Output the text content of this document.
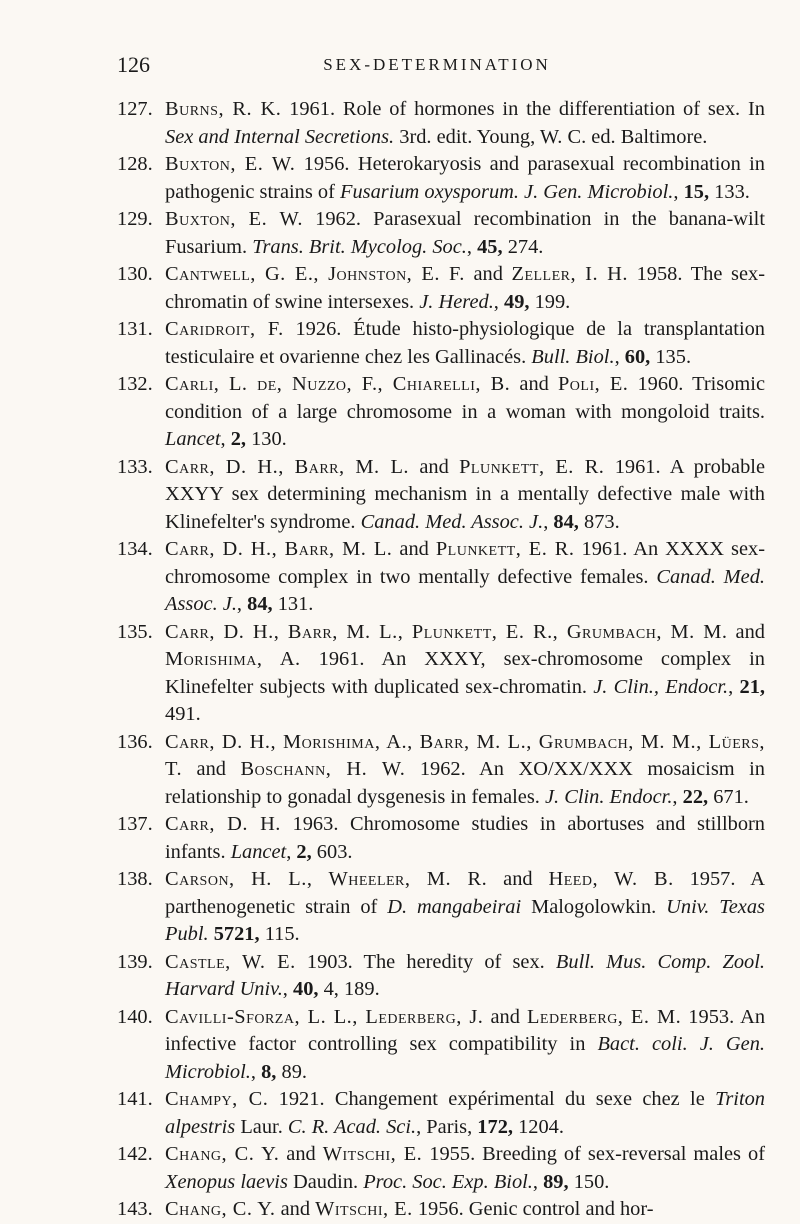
126	SEX-DETERMINATION
127. Burns, R. K. 1961. Role of hormones in the differentiation of sex. In Sex and Internal Secretions. 3rd. edit. Young, W. C. ed. Baltimore.
128. Buxton, E. W. 1956. Heterokaryosis and parasexual recombination in pathogenic strains of Fusarium oxysporum. J. Gen. Microbiol., 15, 133.
129. Buxton, E. W. 1962. Parasexual recombination in the banana-wilt Fusarium. Trans. Brit. Mycolog. Soc., 45, 274.
130. Cantwell, G. E., Johnston, E. F. and Zeller, I. H. 1958. The sex-chromatin of swine intersexes. J. Hered., 49, 199.
131. Caridroit, F. 1926. Étude histo-physiologique de la transplantation testiculaire et ovarienne chez les Gallinacés. Bull. Biol., 60, 135.
132. Carli, L. de, Nuzzo, F., Chiarelli, B. and Poli, E. 1960. Trisomic condition of a large chromosome in a woman with mongoloid traits. Lancet, 2, 130.
133. Carr, D. H., Barr, M. L. and Plunkett, E. R. 1961. A probable XXYY sex determining mechanism in a mentally defective male with Klinefelter's syndrome. Canad. Med. Assoc. J., 84, 873.
134. Carr, D. H., Barr, M. L. and Plunkett, E. R. 1961. An XXXX sex-chromosome complex in two mentally defective females. Canad. Med. Assoc. J., 84, 131.
135. Carr, D. H., Barr, M. L., Plunkett, E. R., Grumbach, M. M. and Morishima, A. 1961. An XXXY, sex-chromosome complex in Klinefelter subjects with duplicated sex-chromatin. J. Clin., Endocr., 21, 491.
136. Carr, D. H., Morishima, A., Barr, M. L., Grumbach, M. M., Lüers, T. and Boschann, H. W. 1962. An XO/XX/XXX mosaicism in relationship to gonadal dysgenesis in females. J. Clin. Endocr., 22, 671.
137. Carr, D. H. 1963. Chromosome studies in abortuses and stillborn infants. Lancet, 2, 603.
138. Carson, H. L., Wheeler, M. R. and Heed, W. B. 1957. A parthenogenetic strain of D. mangabeirai Malogolowkin. Univ. Texas Publ. 5721, 115.
139. Castle, W. E. 1903. The heredity of sex. Bull. Mus. Comp. Zool. Harvard Univ., 40, 4, 189.
140. Cavilli-Sforza, L. L., Lederberg, J. and Lederberg, E. M. 1953. An infective factor controlling sex compatibility in Bact. coli. J. Gen. Microbiol., 8, 89.
141. Champy, C. 1921. Changement expérimental du sexe chez le Triton alpestris Laur. C. R. Acad. Sci., Paris, 172, 1204.
142. Chang, C. Y. and Witschi, E. 1955. Breeding of sex-reversal males of Xenopus laevis Daudin. Proc. Soc. Exp. Biol., 89, 150.
143. Chang, C. Y. and Witschi, E. 1956. Genic control and hor-
